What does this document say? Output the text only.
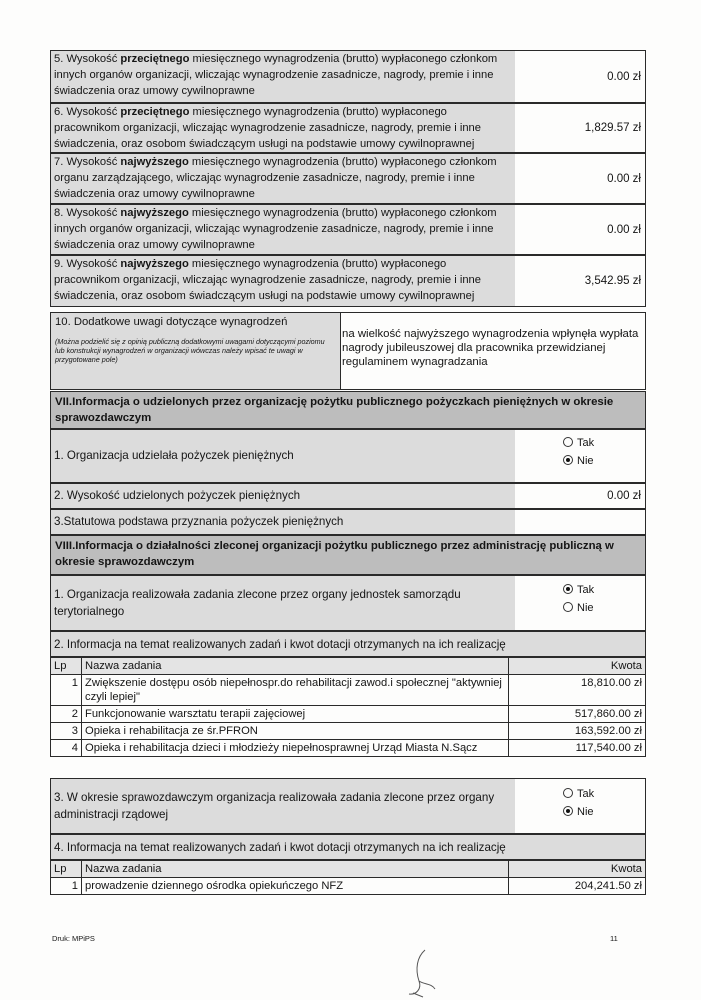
5. Wysokość przeciętnego miesięcznego wynagrodzenia (brutto) wypłaconego członkom innych organów organizacji, wliczając wynagrodzenie zasadnicze, nagrody, premie i inne świadczenia oraz umowy cywilnoprawne
0.00 zł
6. Wysokość przeciętnego miesięcznego wynagrodzenia (brutto) wypłaconego pracownikom organizacji, wliczając wynagrodzenie zasadnicze, nagrody, premie i inne świadczenia, oraz osobom świadczącym usługi na podstawie umowy cywilnoprawnej
1,829.57 zł
7. Wysokość najwyższego miesięcznego wynagrodzenia (brutto) wypłaconego członkom organu zarządzającego, wliczając wynagrodzenie zasadnicze, nagrody, premie i inne świadczenia oraz umowy cywilnoprawne
0.00 zł
8. Wysokość najwyższego miesięcznego wynagrodzenia (brutto) wypłaconego członkom innych organów organizacji, wliczając wynagrodzenie zasadnicze, nagrody, premie i inne świadczenia oraz umowy cywilnoprawne
0.00 zł
9. Wysokość najwyższego miesięcznego wynagrodzenia (brutto) wypłaconego pracownikom organizacji, wliczając wynagrodzenie zasadnicze, nagrody, premie i inne świadczenia, oraz osobom świadczącym usługi na podstawie umowy cywilnoprawnej
3,542.95 zł
10. Dodatkowe uwagi dotyczące wynagrodzeń
(Można podzielić się z opinią publiczną dodatkowymi uwagami dotyczącymi poziomu lub konstrukcji wynagrodzeń w organizacji wówczas należy wpisać te uwagi w przygotowane pole)
na wielkość najwyższego wynagrodzenia wpłynęła wypłata nagrody jubileuszowej dla pracownika przewidzianej regulaminem wynagradzania
VII.Informacja o udzielonych przez organizację pożytku publicznego pożyczkach pieniężnych w okresie sprawozdawczym
1. Organizacja udzielała pożyczek pieniężnych
Tak
Nie
2. Wysokość udzielonych pożyczek pieniężnych	0.00 zł
3.Statutowa podstawa przyznania pożyczek pieniężnych
VIII.Informacja o działalności zleconej organizacji pożytku publicznego przez administrację publiczną w okresie sprawozdawczym
1. Organizacja realizowała zadania zlecone przez organy jednostek samorządu terytorialnego
Tak
Nie
2. Informacja na temat realizowanych zadań i kwot dotacji otrzymanych na ich realizację
Lp	Nazwa zadania	Kwota
1	Zwiększenie dostępu osób niepełnospr.do rehabilitacji zawod.i społecznej "aktywniej czyli lepiej"	18,810.00 zł
2	Funkcjonowanie warsztatu terapii zajęciowej	517,860.00 zł
3	Opieka i rehabilitacja ze śr.PFRON	163,592.00 zł
4	Opieka i rehabilitacja dzieci i młodzieży niepełnosprawnej Urząd Miasta N.Sącz	117,540.00 zł
3. W okresie sprawozdawczym organizacja realizowała zadania zlecone przez organy administracji rządowej
Tak
Nie
4. Informacja na temat realizowanych zadań i kwot dotacji otrzymanych na ich realizację
Lp	Nazwa zadania	Kwota
1	prowadzenie dziennego ośrodka opiekuńczego NFZ	204,241.50 zł
Druk: MPiPS	11
